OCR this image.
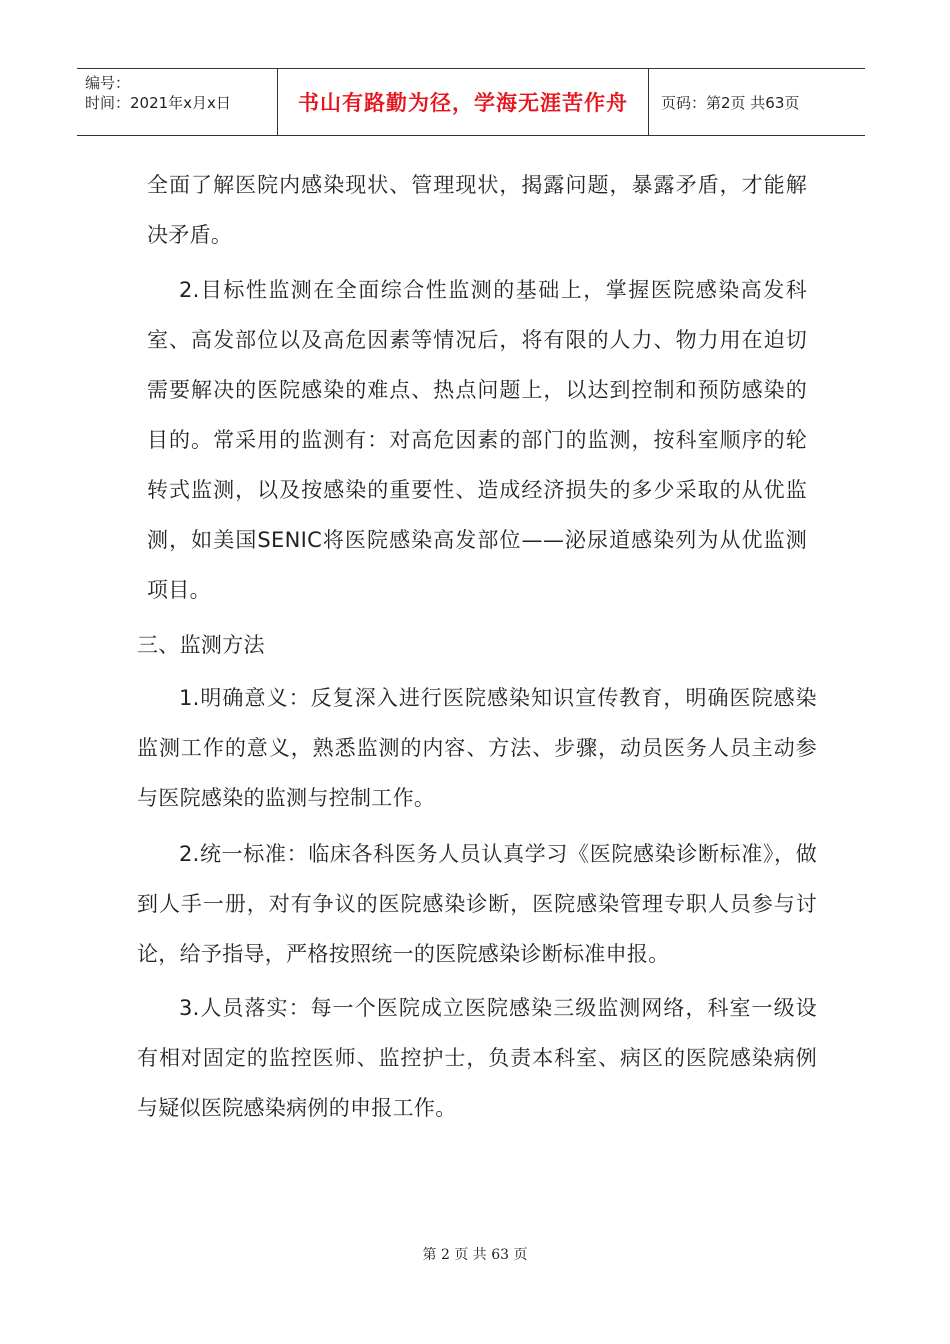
编号：
时间：2021年x月x日	书山有路勤为径，学海无涯苦作舟 页码：第2页 共63页
全面了解医院内感染现状、管理现状，揭露问题，暴露矛盾，才能解决矛盾。
2.目标性监测在全面综合性监测的基础上，掌握医院感染高发科室、高发部位以及高危因素等情况后，将有限的人力、物力用在迫切需要解决的医院感染的难点、热点问题上，以达到控制和预防感染的目的。常采用的监测有：对高危因素的部门的监测，按科室顺序的轮转式监测，以及按感染的重要性、造成经济损失的多少采取的从优监测，如美国SENIC将医院感染高发部位——泌尿道感染列为从优监测项目。
三、监测方法
1.明确意义：反复深入进行医院感染知识宣传教育，明确医院感染监测工作的意义，熟悉监测的内容、方法、步骤，动员医务人员主动参与医院感染的监测与控制工作。
2.统一标准：临床各科医务人员认真学习《医院感染诊断标准》，做到人手一册，对有争议的医院感染诊断，医院感染管理专职人员参与讨论，给予指导，严格按照统一的医院感染诊断标准申报。
3.人员落实：每一个医院成立医院感染三级监测网络，科室一级设有相对固定的监控医师、监控护士，负责本科室、病区的医院感染病例与疑似医院感染病例的申报工作。
第 2 页 共 63 页
